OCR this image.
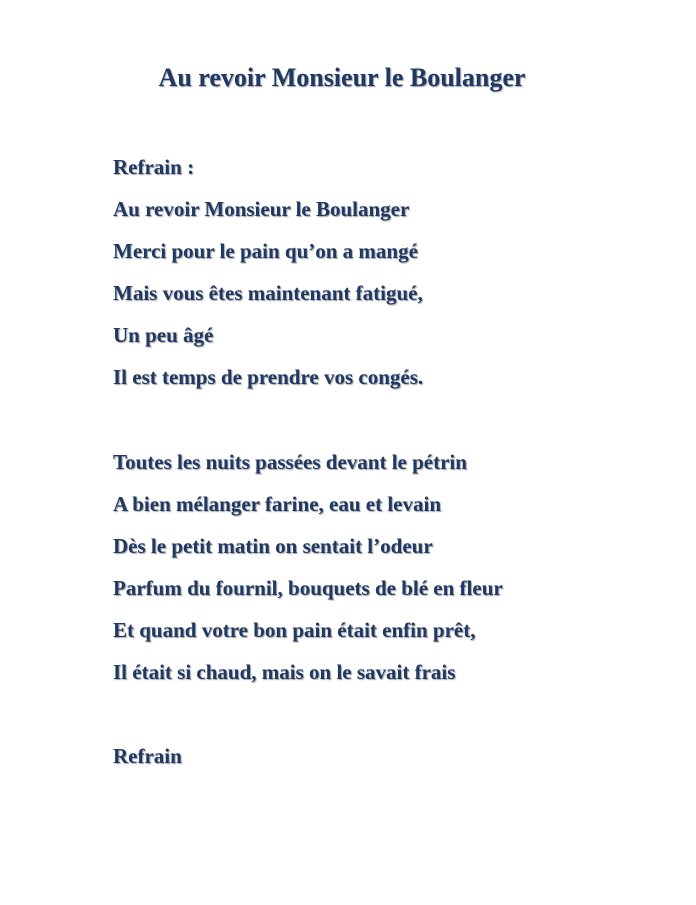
Au revoir Monsieur le Boulanger
Refrain :
Au revoir Monsieur le Boulanger
Merci pour le pain qu’on a mangé
Mais vous êtes maintenant fatigué,
Un peu âgé
Il est temps de prendre vos congés.
Toutes les nuits passées devant le pétrin
A bien mélanger farine, eau et levain
Dès le petit matin on sentait l’odeur
Parfum du fournil, bouquets de blé en fleur
Et quand votre bon pain était enfin prêt,
Il était si chaud, mais on le savait frais
Refrain
